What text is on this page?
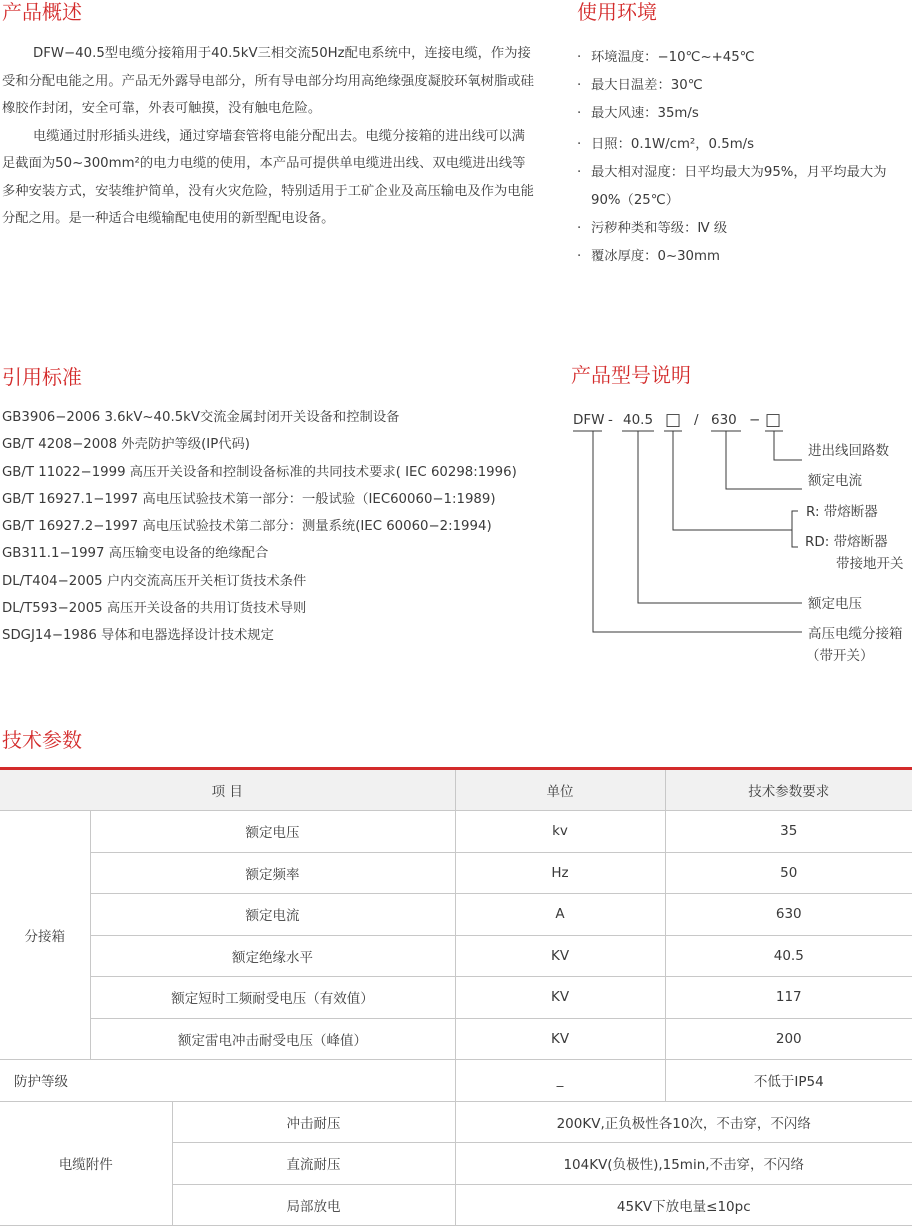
产品概述

DFW−40.5型电缆分接箱用于40.5kV三相交流50Hz配电系统中，连接电缆，作为接受和分配电能之用。产品无外露导电部分，所有导电部分均用高绝缘强度凝胶环氧树脂或硅橡胶作封闭，安全可靠，外表可触摸，没有触电危险。

电缆通过肘形插头进线，通过穿墙套管将电能分配出去。电缆分接箱的进出线可以满足截面为50~300mm²的电力电缆的使用，本产品可提供单电缆进出线、双电缆进出线等多种安装方式，安装维护简单，没有火灾危险，特别适用于工矿企业及高压输电及作为电能分配之用。是一种适合电缆输配电使用的新型配电设备。

使用环境
· 环境温度：−10℃~+45℃
· 最大日温差：30℃
· 最大风速：35m/s
· 日照：0.1W/cm²，0.5m/s
· 最大相对湿度：日平均最大为95%，月平均最大为90%（25℃）
· 污秽种类和等级：Ⅳ 级
· 覆冰厚度：0~30mm
引用标准
GB3906−2006 3.6kV~40.5kV交流金属封闭开关设备和控制设备
GB/T 4208−2008 外壳防护等级(IP代码)
GB/T 11022−1999 高压开关设备和控制设备标准的共同技术要求( IEC 60298:1996)
GB/T 16927.1−1997 高电压试验技术第一部分：一般试验（IEC60060−1:1989)
GB/T 16927.2−1997 高电压试验技术第二部分：测量系统(IEC 60060−2:1994)
GB311.1−1997 高压输变电设备的绝缘配合
DL/T404−2005 户内交流高压开关柜订货技术条件
DL/T593−2005 高压开关设备的共用订货技术导则
SDGJ14−1986 导体和电器选择设计技术规定
产品型号说明
DFW - 40.5 □ / 630 − □
进出线回路数
额定电流
R: 带熔断器
RD: 带熔断器
带接地开关
额定电压
高压电缆分接箱
（带开关）
技术参数
项 目			单位	技术参数要求
分接箱	额定电压		kv	35
	额定频率		Hz	50
	额定电流		A	630
	额定绝缘水平		KV	40.5
	额定短时工频耐受电压（有效值）		KV	117
	额定雷电冲击耐受电压（峰值）		KV	200
防护等级			_	不低于IP54
电缆附件		冲击耐压	200KV,正负极性各10次，不击穿，不闪络	
		直流耐压	104KV(负极性),15min,不击穿，不闪络	
		局部放电	45KV下放电量≤10pc	
